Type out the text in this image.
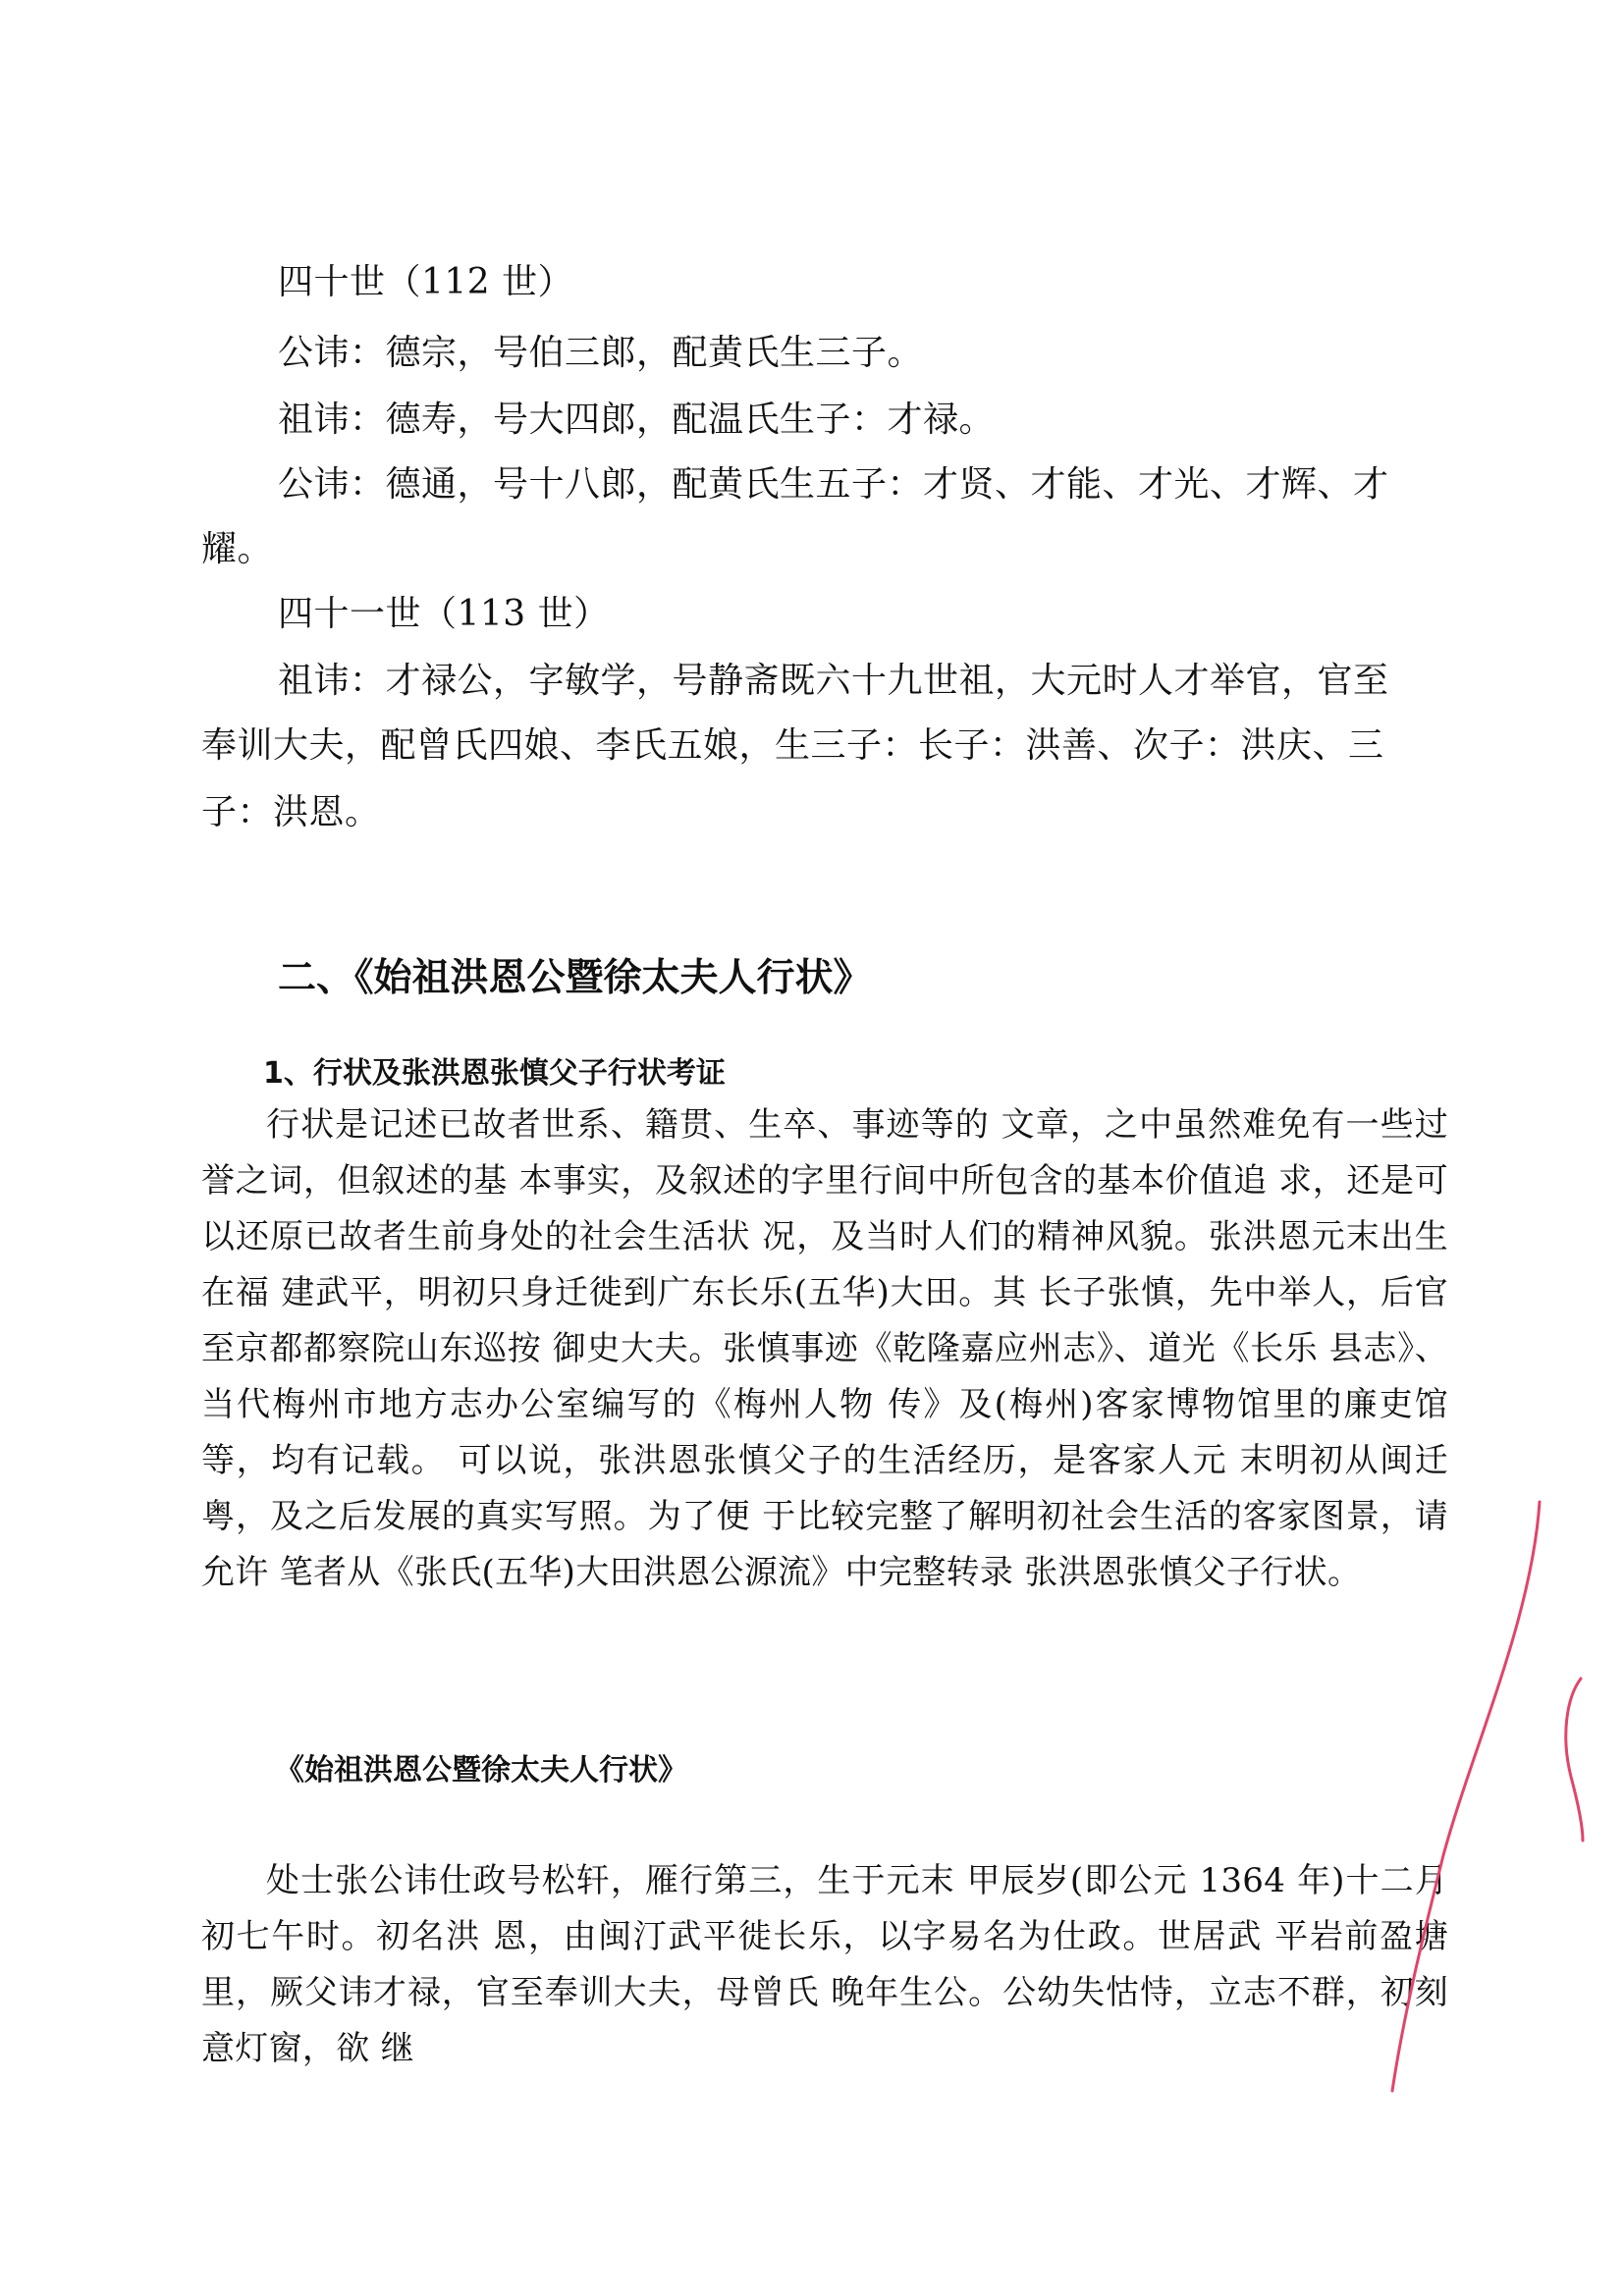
四十世（112 世）
公讳：德宗，号伯三郎，配黄氏生三子。
祖讳：德寿，号大四郎，配温氏生子：才禄。
公讳：德通，号十八郎，配黄氏生五子：才贤、才能、才光、才辉、才
耀。
四十一世（113 世）
祖讳：才禄公，字敏学，号静斋既六十九世祖，大元时人才举官，官至
奉训大夫，配曾氏四娘、李氏五娘，生三子：长子：洪善、次子：洪庆、三
子：洪恩。
二、《始祖洪恩公暨徐太夫人行状》
1、行状及张洪恩张慎父子行状考证
行状是记述已故者世系、籍贯、生卒、事迹等的 文章，之中虽然难免有一些过誉之词，但叙述的基 本事实，及叙述的字里行间中所包含的基本价值追 求，还是可以还原已故者生前身处的社会生活状 况，及当时人们的精神风貌。张洪恩元末出生在福 建武平，明初只身迁徙到广东长乐(五华)大田。其 长子张慎，先中举人，后官至京都都察院山东巡按 御史大夫。张慎事迹《乾隆嘉应州志》、道光《长乐 县志》、当代梅州市地方志办公室编写的《梅州人物 传》及(梅州)客家博物馆里的廉吏馆等，均有记载。 可以说，张洪恩张慎父子的生活经历，是客家人元 末明初从闽迁粤，及之后发展的真实写照。为了便 于比较完整了解明初社会生活的客家图景，请允许 笔者从《张氏(五华)大田洪恩公源流》中完整转录 张洪恩张慎父子行状。
《始祖洪恩公暨徐太夫人行状》
处士张公讳仕政号松轩，雁行第三，生于元末 甲辰岁(即公元 1364 年)十二月初七午时。初名洪 恩，由闽汀武平徙长乐，以字易名为仕政。世居武 平岩前盈塘里，厥父讳才禄，官至奉训大夫，母曾氏 晚年生公。公幼失怙恃，立志不群，初刻意灯窗，欲 继
